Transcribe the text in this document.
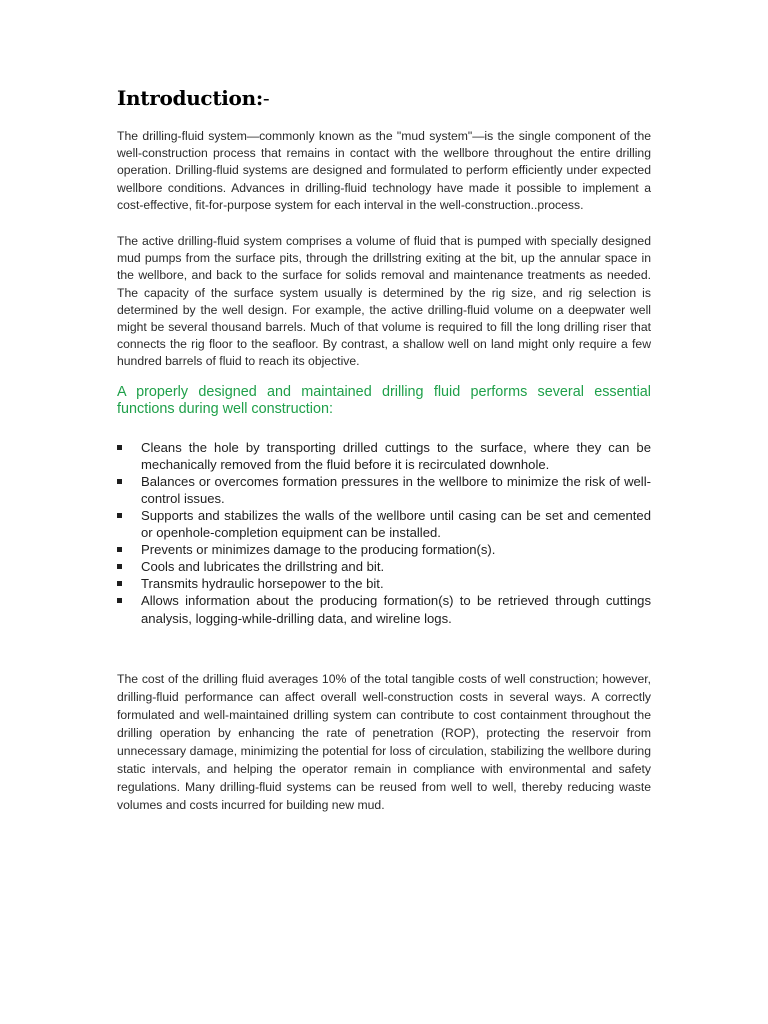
Introduction:-

The drilling-fluid system—commonly known as the "mud system"—is the single component of the well-construction process that remains in contact with the wellbore throughout the entire drilling operation. Drilling-fluid systems are designed and formulated to perform efficiently under expected wellbore conditions. Advances in drilling-fluid technology have made it possible to implement a cost-effective, fit-for-purpose system for each interval in the well-construction..process.

The active drilling-fluid system comprises a volume of fluid that is pumped with specially designed mud pumps from the surface pits, through the drillstring exiting at the bit, up the annular space in the wellbore, and back to the surface for solids removal and maintenance treatments as needed. The capacity of the surface system usually is determined by the rig size, and rig selection is determined by the well design. For example, the active drilling-fluid volume on a deepwater well might be several thousand barrels. Much of that volume is required to fill the long drilling riser that connects the rig floor to the seafloor. By contrast, a shallow well on land might only require a few hundred barrels of fluid to reach its objective.

A properly designed and maintained drilling fluid performs several essential functions during well construction:

Cleans the hole by transporting drilled cuttings to the surface, where they can be mechanically removed from the fluid before it is recirculated downhole.
Balances or overcomes formation pressures in the wellbore to minimize the risk of well-control issues.
Supports and stabilizes the walls of the wellbore until casing can be set and cemented or openhole-completion equipment can be installed.
Prevents or minimizes damage to the producing formation(s).
Cools and lubricates the drillstring and bit.
Transmits hydraulic horsepower to the bit.
Allows information about the producing formation(s) to be retrieved through cuttings analysis, logging-while-drilling data, and wireline logs.

The cost of the drilling fluid averages 10% of the total tangible costs of well construction; however, drilling-fluid performance can affect overall well-construction costs in several ways. A correctly formulated and well-maintained drilling system can contribute to cost containment throughout the drilling operation by enhancing the rate of penetration (ROP), protecting the reservoir from unnecessary damage, minimizing the potential for loss of circulation, stabilizing the wellbore during static intervals, and helping the operator remain in compliance with environmental and safety regulations. Many drilling-fluid systems can be reused from well to well, thereby reducing waste volumes and costs incurred for building new mud.
